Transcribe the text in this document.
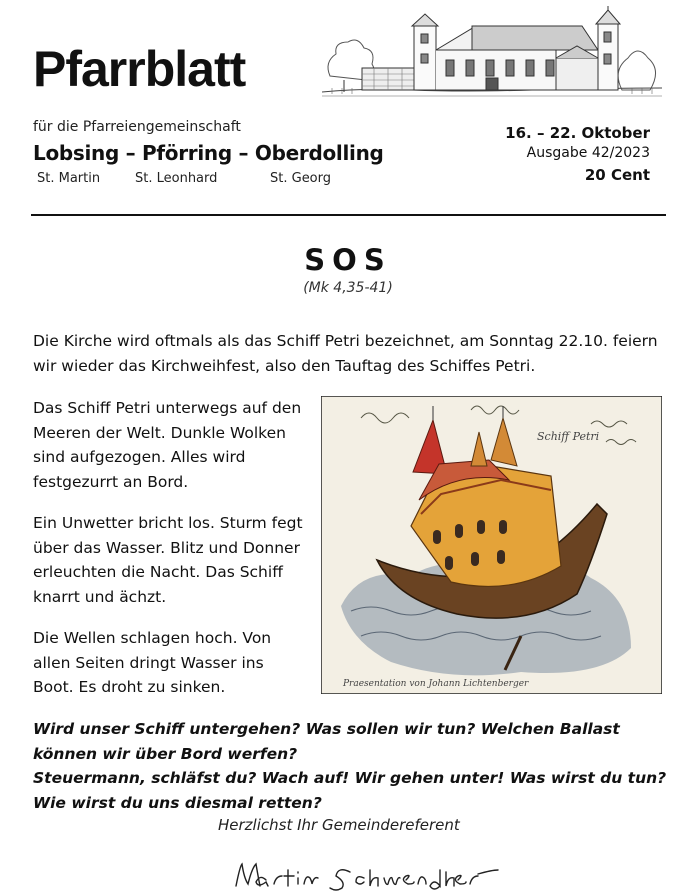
Pfarrblatt
für die Pfarreiengemeinschaft
Lobsing – Pförring – Oberdolling
St. Martin	St. Leonhard	St. Georg
16. – 22. Oktober
Ausgabe 42/2023
20 Cent
SOS
(Mk 4,35-41)
Die Kirche wird oftmals als das Schiff Petri bezeichnet, am Sonntag 22.10. feiern wir wieder das Kirchweihfest, also den Tauftag des Schiffes Petri.
Das Schiff Petri unterwegs auf den Meeren der Welt. Dunkle Wolken sind aufgezogen. Alles wird festgezurrt an Bord.
Ein Unwetter bricht los. Sturm fegt über das Wasser. Blitz und Donner erleuchten die Nacht. Das Schiff knarrt und ächzt.
Die Wellen schlagen hoch. Von allen Seiten dringt Wasser ins Boot. Es droht zu sinken.
Schiff Petri
Praesentation von Johann Lichtenberger
Wird unser Schiff untergehen? Was sollen wir tun? Welchen Ballast können wir über Bord werfen?
Steuermann, schläfst du? Wach auf! Wir gehen unter! Was wirst du tun? Wie wirst du uns diesmal retten?
Herzlichst Ihr Gemeindereferent
